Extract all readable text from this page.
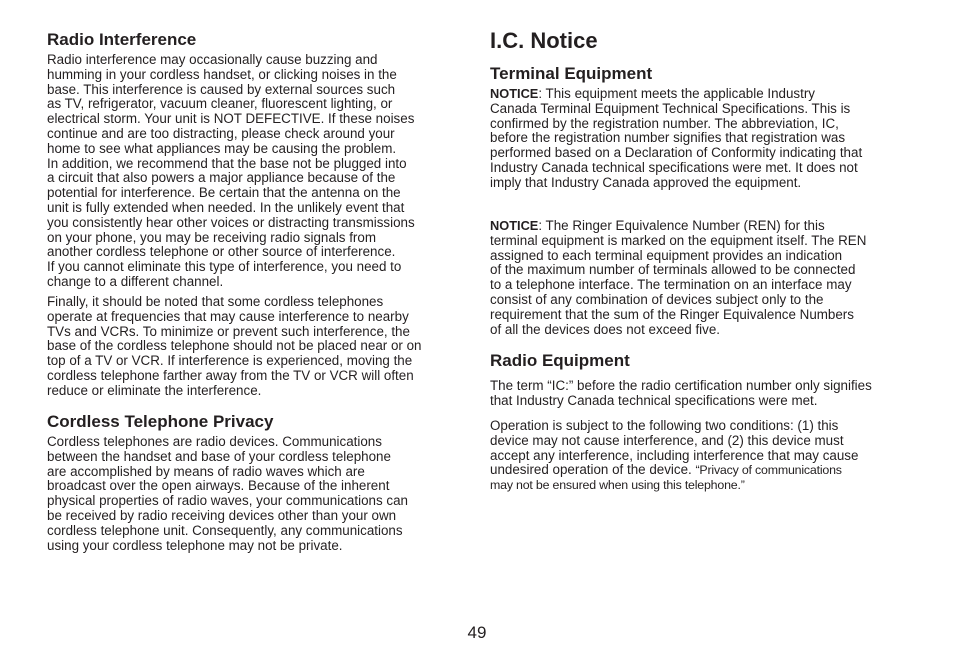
Radio Interference
Radio interference may occasionally cause buzzing and
humming in your cordless handset, or clicking noises in the
base. This interference is caused by external sources such
as TV, refrigerator, vacuum cleaner, fluorescent lighting, or
electrical storm. Your unit is NOT DEFECTIVE. If these noises
continue and are too distracting, please check around your
home to see what appliances may be causing the problem.
In addition, we recommend that the base not be plugged into
a circuit that also powers a major appliance because of the
potential for interference. Be certain that the antenna on the
unit is fully extended when needed. In the unlikely event that
you consistently hear other voices or distracting transmissions
on your phone, you may be receiving radio signals from
another cordless telephone or other source of interference.
If you cannot eliminate this type of interference, you need to
change to a different channel.
Finally, it should be noted that some cordless telephones
operate at frequencies that may cause interference to nearby
TVs and VCRs. To minimize or prevent such interference, the
base of the cordless telephone should not be placed near or on
top of a TV or VCR. If interference is experienced, moving the
cordless telephone farther away from the TV or VCR will often
reduce or eliminate the interference.
Cordless Telephone Privacy
Cordless telephones are radio devices. Communications
between the handset and base of your cordless telephone
are accomplished by means of radio waves which are
broadcast over the open airways. Because of the inherent
physical properties of radio waves, your communications can
be received by radio receiving devices other than your own
cordless telephone unit. Consequently, any communications
using your cordless telephone may not be private.
I.C. Notice
Terminal Equipment
NOTICE: This equipment meets the applicable Industry
Canada Terminal Equipment Technical Specifications. This is
confirmed by the registration number. The abbreviation, IC,
before the registration number signifies that registration was
performed based on a Declaration of Conformity indicating that
Industry Canada technical specifications were met. It does not
imply that Industry Canada approved the equipment.
NOTICE: The Ringer Equivalence Number (REN) for this
terminal equipment is marked on the equipment itself. The REN
assigned to each terminal equipment provides an indication
of the maximum number of terminals allowed to be connected
to a telephone interface. The termination on an interface may
consist of any combination of devices subject only to the
requirement that the sum of the Ringer Equivalence Numbers
of all the devices does not exceed five.
Radio Equipment
The term “IC:” before the radio certification number only signifies
that Industry Canada technical specifications were met.
Operation is subject to the following two conditions: (1) this
device may not cause interference, and (2) this device must
accept any interference, including interference that may cause
undesired operation of the device. “Privacy of communications
may not be ensured when using this telephone.”
49
